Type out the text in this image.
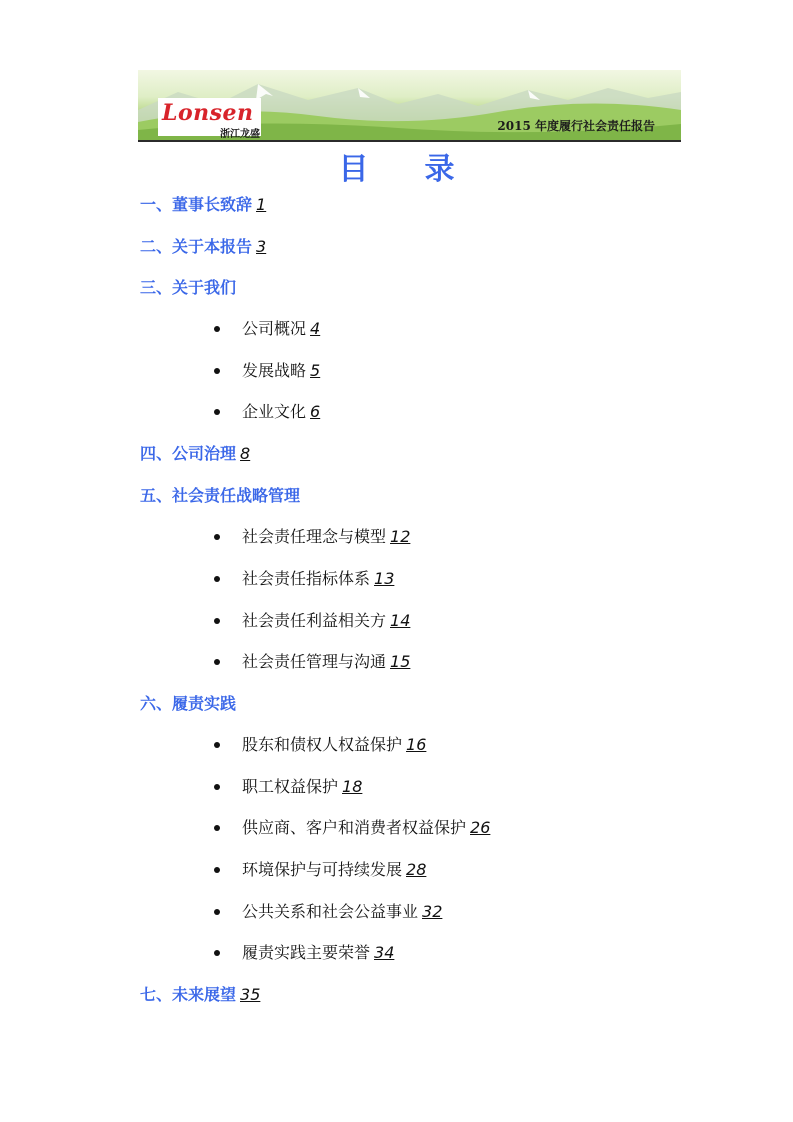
Lonsen
浙江龙盛
2015 年度履行社会责任报告
目录
一、董事长致辞 1
二、关于本报告 3
三、关于我们
公司概况 4
发展战略 5
企业文化 6
四、公司治理 8
五、社会责任战略管理
社会责任理念与模型 12
社会责任指标体系 13
社会责任利益相关方 14
社会责任管理与沟通 15
六、履责实践
股东和债权人权益保护 16
职工权益保护 18
供应商、客户和消费者权益保护 26
环境保护与可持续发展 28
公共关系和社会公益事业 32
履责实践主要荣誉 34
七、未来展望 35
